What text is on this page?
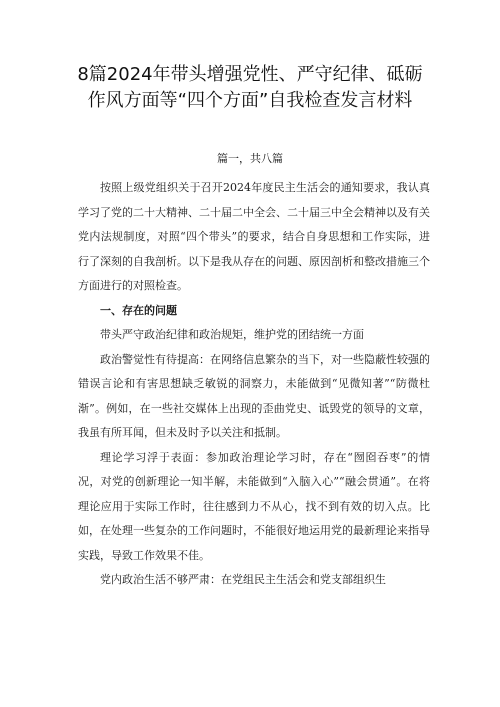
8篇2024年带头增强党性、严守纪律、砥砺作风方面等“四个方面”自我检查发言材料
篇一，共八篇

按照上级党组织关于召开2024年度民主生活会的通知要求，我认真学习了党的二十大精神、二十届二中全会、二十届三中全会精神以及有关党内法规制度，对照“四个带头”的要求，结合自身思想和工作实际，进行了深刻的自我剖析。以下是我从存在的问题、原因剖析和整改措施三个方面进行的对照检查。

一、存在的问题

带头严守政治纪律和政治规矩，维护党的团结统一方面

政治警觉性有待提高：在网络信息繁杂的当下，对一些隐蔽性较强的错误言论和有害思想缺乏敏锐的洞察力，未能做到“见微知著”“防微杜渐”。例如，在一些社交媒体上出现的歪曲党史、诋毁党的领导的文章，我虽有所耳闻，但未及时予以关注和抵制。

理论学习浮于表面：参加政治理论学习时，存在“囫囵吞枣”的情况，对党的创新理论一知半解，未能做到“入脑入心”“融会贯通”。在将理论应用于实际工作时，往往感到力不从心，找不到有效的切入点。比如，在处理一些复杂的工作问题时，不能很好地运用党的最新理论来指导实践，导致工作效果不佳。

党内政治生活不够严肃：在党组民主生活会和党支部组织生
